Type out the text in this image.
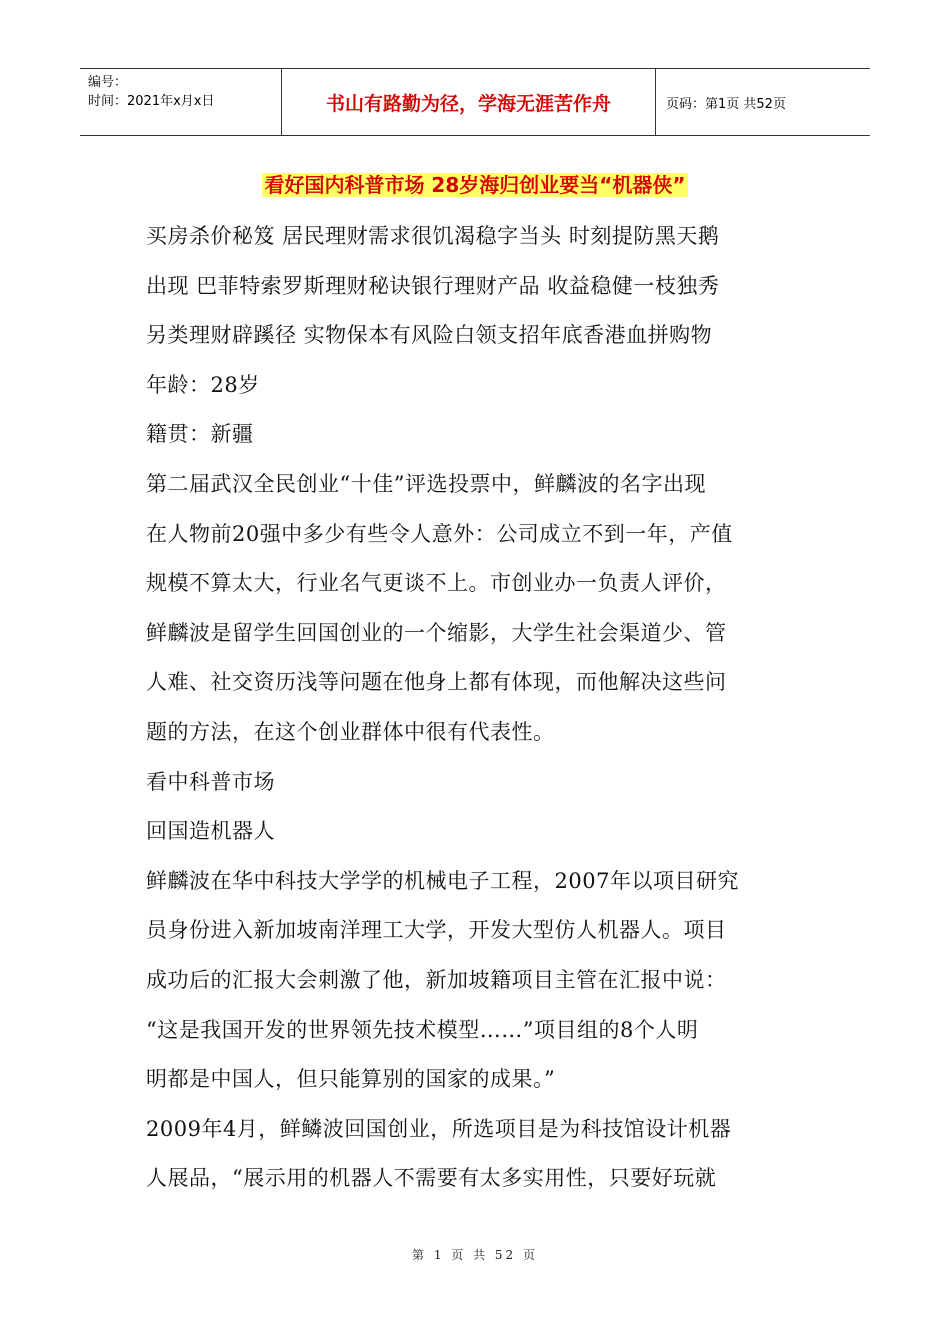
编号：
时间：2021年x月x日	书山有路勤为径，学海无涯苦作舟	页码：第1页 共52页
看好国内科普市场 28岁海归创业要当“机器侠”

买房杀价秘笈 居民理财需求很饥渴稳字当头 时刻提防黑天鹅

出现 巴菲特索罗斯理财秘诀银行理财产品 收益稳健一枝独秀

另类理财辟蹊径 实物保本有风险白领支招年底香港血拼购物

年龄：28岁

籍贯：新疆

第二届武汉全民创业“十佳”评选投票中，鲜麟波的名字出现

在人物前20强中多少有些令人意外：公司成立不到一年，产值

规模不算太大，行业名气更谈不上。市创业办一负责人评价，

鲜麟波是留学生回国创业的一个缩影，大学生社会渠道少、管

人难、社交资历浅等问题在他身上都有体现，而他解决这些问

题的方法，在这个创业群体中很有代表性。

看中科普市场

回国造机器人

鲜麟波在华中科技大学学的机械电子工程，2007年以项目研究

员身份进入新加坡南洋理工大学，开发大型仿人机器人。项目

成功后的汇报大会刺激了他，新加坡籍项目主管在汇报中说：

“这是我国开发的世界领先技术模型……”项目组的8个人明

明都是中国人，但只能算别的国家的成果。”

2009年4月，鲜鳞波回国创业，所选项目是为科技馆设计机器

人展品，“展示用的机器人不需要有太多实用性，只要好玩就

第 1 页 共 52 页
